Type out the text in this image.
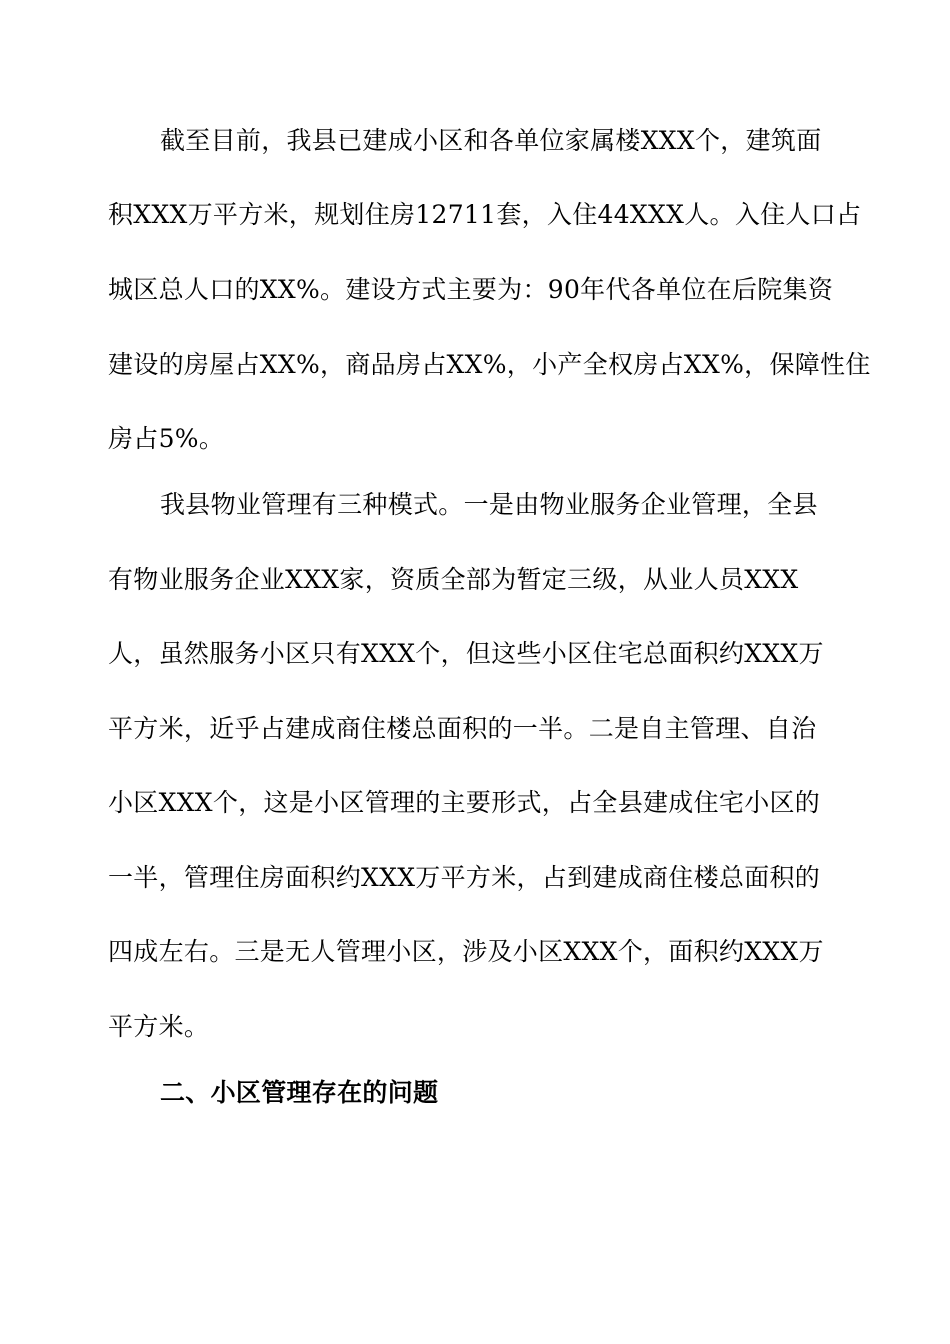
截至目前，我县已建成小区和各单位家属楼XXX个，建筑面
积XXX万平方米，规划住房12711套，入住44XXX人。入住人口占
城区总人口的XX%。建设方式主要为：90年代各单位在后院集资
建设的房屋占XX%，商品房占XX%，小产全权房占XX%，保障性住
房占5%。
我县物业管理有三种模式。一是由物业服务企业管理，全县
有物业服务企业XXX家，资质全部为暂定三级，从业人员XXX
人，虽然服务小区只有XXX个，但这些小区住宅总面积约XXX万
平方米，近乎占建成商住楼总面积的一半。二是自主管理、自治
小区XXX个，这是小区管理的主要形式，占全县建成住宅小区的
一半，管理住房面积约XXX万平方米，占到建成商住楼总面积的
四成左右。三是无人管理小区，涉及小区XXX个，面积约XXX万
平方米。
二、小区管理存在的问题
